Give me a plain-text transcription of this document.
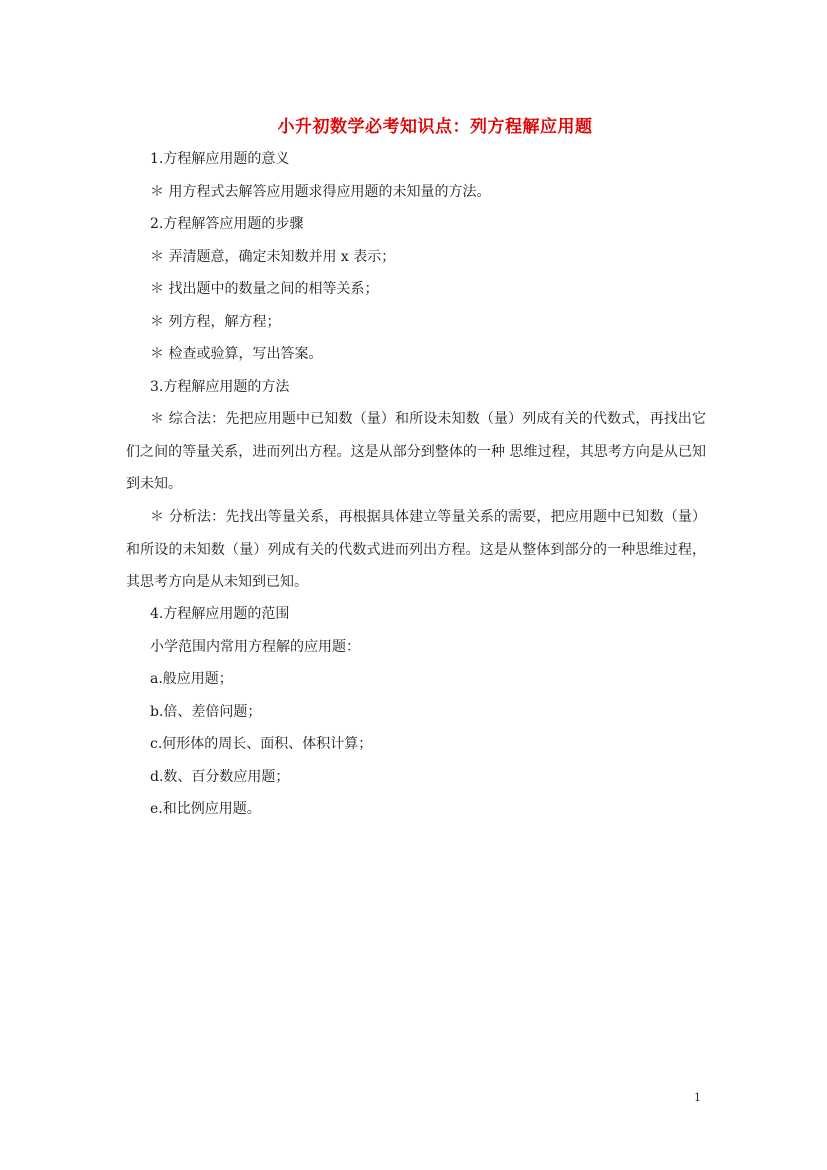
小升初数学必考知识点：列方程解应用题
1.方程解应用题的意义
＊ 用方程式去解答应用题求得应用题的未知量的方法。
2.方程解答应用题的步骤
＊ 弄清题意，确定未知数并用 x 表示；
＊ 找出题中的数量之间的相等关系；
＊ 列方程，解方程；
＊ 检查或验算，写出答案。
3.方程解应用题的方法
＊ 综合法：先把应用题中已知数（量）和所设未知数（量）列成有关的代数式，再找出它们之间的等量关系，进而列出方程。这是从部分到整体的一种 思维过程，其思考方向是从已知到未知。
＊ 分析法：先找出等量关系，再根据具体建立等量关系的需要，把应用题中已知数（量）和所设的未知数（量）列成有关的代数式进而列出方程。这是从整体到部分的一种思维过程，其思考方向是从未知到已知。
4.方程解应用题的范围
小学范围内常用方程解的应用题：
a.般应用题；
b.倍、差倍问题；
c.何形体的周长、面积、体积计算；
d.数、百分数应用题；
e.和比例应用题。
1
